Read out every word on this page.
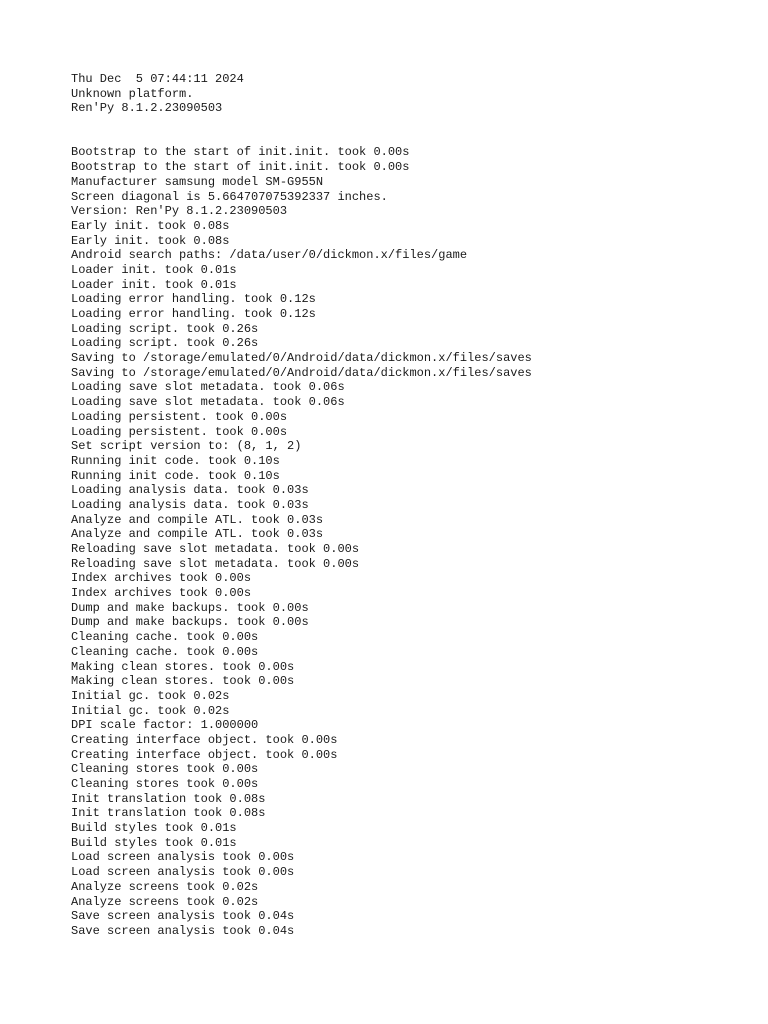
Thu Dec  5 07:44:11 2024
Unknown platform.
Ren'Py 8.1.2.23090503

Bootstrap to the start of init.init. took 0.00s
Bootstrap to the start of init.init. took 0.00s
Manufacturer samsung model SM-G955N
Screen diagonal is 5.664707075392337 inches.
Version: Ren'Py 8.1.2.23090503
Early init. took 0.08s
Early init. took 0.08s
Android search paths: /data/user/0/dickmon.x/files/game
Loader init. took 0.01s
Loader init. took 0.01s
Loading error handling. took 0.12s
Loading error handling. took 0.12s
Loading script. took 0.26s
Loading script. took 0.26s
Saving to /storage/emulated/0/Android/data/dickmon.x/files/saves
Saving to /storage/emulated/0/Android/data/dickmon.x/files/saves
Loading save slot metadata. took 0.06s
Loading save slot metadata. took 0.06s
Loading persistent. took 0.00s
Loading persistent. took 0.00s
Set script version to: (8, 1, 2)
Running init code. took 0.10s
Running init code. took 0.10s
Loading analysis data. took 0.03s
Loading analysis data. took 0.03s
Analyze and compile ATL. took 0.03s
Analyze and compile ATL. took 0.03s
Reloading save slot metadata. took 0.00s
Reloading save slot metadata. took 0.00s
Index archives took 0.00s
Index archives took 0.00s
Dump and make backups. took 0.00s
Dump and make backups. took 0.00s
Cleaning cache. took 0.00s
Cleaning cache. took 0.00s
Making clean stores. took 0.00s
Making clean stores. took 0.00s
Initial gc. took 0.02s
Initial gc. took 0.02s
DPI scale factor: 1.000000
Creating interface object. took 0.00s
Creating interface object. took 0.00s
Cleaning stores took 0.00s
Cleaning stores took 0.00s
Init translation took 0.08s
Init translation took 0.08s
Build styles took 0.01s
Build styles took 0.01s
Load screen analysis took 0.00s
Load screen analysis took 0.00s
Analyze screens took 0.02s
Analyze screens took 0.02s
Save screen analysis took 0.04s
Save screen analysis took 0.04s
